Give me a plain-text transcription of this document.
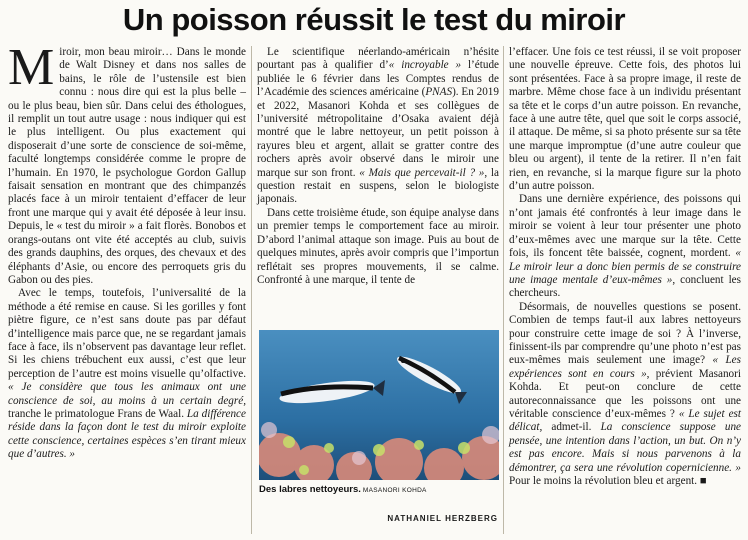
Un poisson réussit le test du miroir

Miroir, mon beau miroir… Dans le monde de Walt Disney et dans nos salles de bains, le rôle de l’ustensile est bien connu : nous dire qui est la plus belle – ou le plus beau, bien sûr. Dans celui des éthologues, il remplit un tout autre usage : nous indiquer qui est le plus intelligent. Ou plus exactement qui disposerait d’une sorte de conscience de soi-même, faculté longtemps considérée comme le propre de l’humain. En 1970, le psychologue Gordon Gallup faisait sensation en montrant que des chimpanzés placés face à un miroir tentaient d’effacer de leur front une marque qui y avait été déposée à leur insu. Depuis, le « test du miroir » a fait florès. Bonobos et orangs-outans ont vite été acceptés au club, suivis des grands dauphins, des orques, des chevaux et des éléphants d’Asie, ou encore des perroquets gris du Gabon ou des pies.

Avec le temps, toutefois, l’universalité de la méthode a été remise en cause. Si les gorilles y font piètre figure, ce n’est sans doute pas par défaut d’intelligence mais parce que, ne se regardant jamais face à face, ils n’observent pas davantage leur reflet. Si les chiens trébuchent eux aussi, c’est que leur perception de l’autre est moins visuelle qu’olfactive. « Je considère que tous les animaux ont une conscience de soi, au moins à un certain degré, tranche le primatologue Frans de Waal. La différence réside dans la façon dont le test du miroir exploite cette conscience, certaines espèces s’en tirant mieux que d’autres. »

Le scientifique néerlando-américain n’hésite pourtant pas à qualifier d’« incroyable » l’étude publiée le 6 février dans les Comptes rendus de l’Académie des sciences américaine (PNAS). En 2019 et 2022, Masanori Kohda et ses collègues de l’université métropolitaine d’Osaka avaient déjà montré que le labre nettoyeur, un petit poisson à rayures bleu et argent, allait se gratter contre des rochers après avoir observé dans le miroir une marque sur son front. « Mais que percevait-il ? », la question restait en suspens, selon le biologiste japonais.

Dans cette troisième étude, son équipe analyse dans un premier temps le comportement face au miroir. D’abord l’animal attaque son image. Puis au bout de quelques minutes, après avoir compris que l’importun reflétait ses propres mouvements, il se calme. Confronté à une marque, il tente de

Des labres nettoyeurs. MASANORI KOHDA
NATHANIEL HERZBERG

l’effacer. Une fois ce test réussi, il se voit proposer une nouvelle épreuve. Cette fois, des photos lui sont présentées. Face à sa propre image, il reste de marbre. Même chose face à un individu présentant sa tête et le corps d’un autre poisson. En revanche, face à une autre tête, quel que soit le corps associé, il attaque. De même, si sa photo présente sur sa tête une marque impromptue (d’une autre couleur que bleu ou argent), il tente de la retirer. Il n’en fait rien, en revanche, si la marque figure sur la photo d’un autre poisson.

Dans une dernière expérience, des poissons qui n’ont jamais été confrontés à leur image dans le miroir se voient à leur tour présenter une photo d’eux-mêmes avec une marque sur la tête. Cette fois, ils foncent tête baissée, cognent, mordent. « Le miroir leur a donc bien permis de se construire une image mentale d’eux-mêmes », concluent les chercheurs.

Désormais, de nouvelles questions se posent. Combien de temps faut-il aux labres nettoyeurs pour construire cette image de soi ? À l’inverse, finissent-ils par comprendre qu’une photo n’est pas eux-mêmes mais seulement une image? « Les expériences sont en cours », prévient Masanori Kohda. Et peut-on conclure de cette autoreconnaissance que les poissons ont une véritable conscience d’eux-mêmes ? « Le sujet est délicat, admet-il. La conscience suppose une pensée, une intention dans l’action, un but. On n’y est pas encore. Mais si nous parvenons à la démontrer, ça sera une révolution copernicienne. » Pour le moins la révolution bleu et argent. ■
